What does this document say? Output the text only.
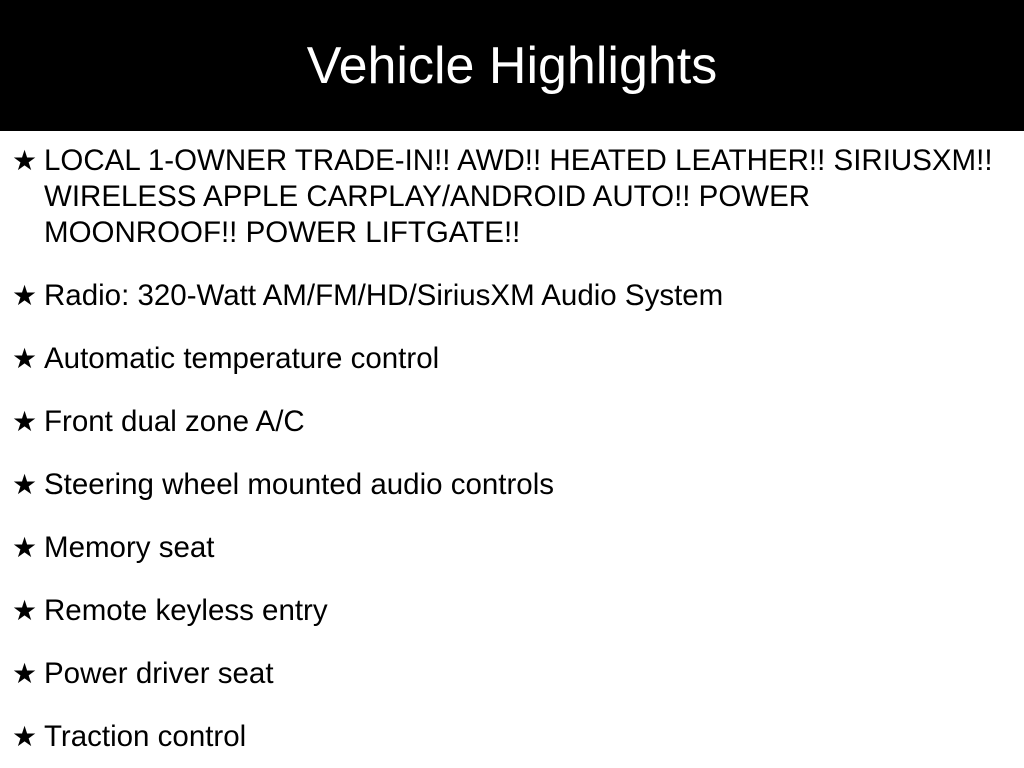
Vehicle Highlights
★ LOCAL 1-OWNER TRADE-IN!! AWD!! HEATED LEATHER!! SIRIUSXM!! WIRELESS APPLE CARPLAY/ANDROID AUTO!! POWER MOONROOF!! POWER LIFTGATE!!
★ Radio: 320-Watt AM/FM/HD/SiriusXM Audio System
★ Automatic temperature control
★ Front dual zone A/C
★ Steering wheel mounted audio controls
★ Memory seat
★ Remote keyless entry
★ Power driver seat
★ Traction control
